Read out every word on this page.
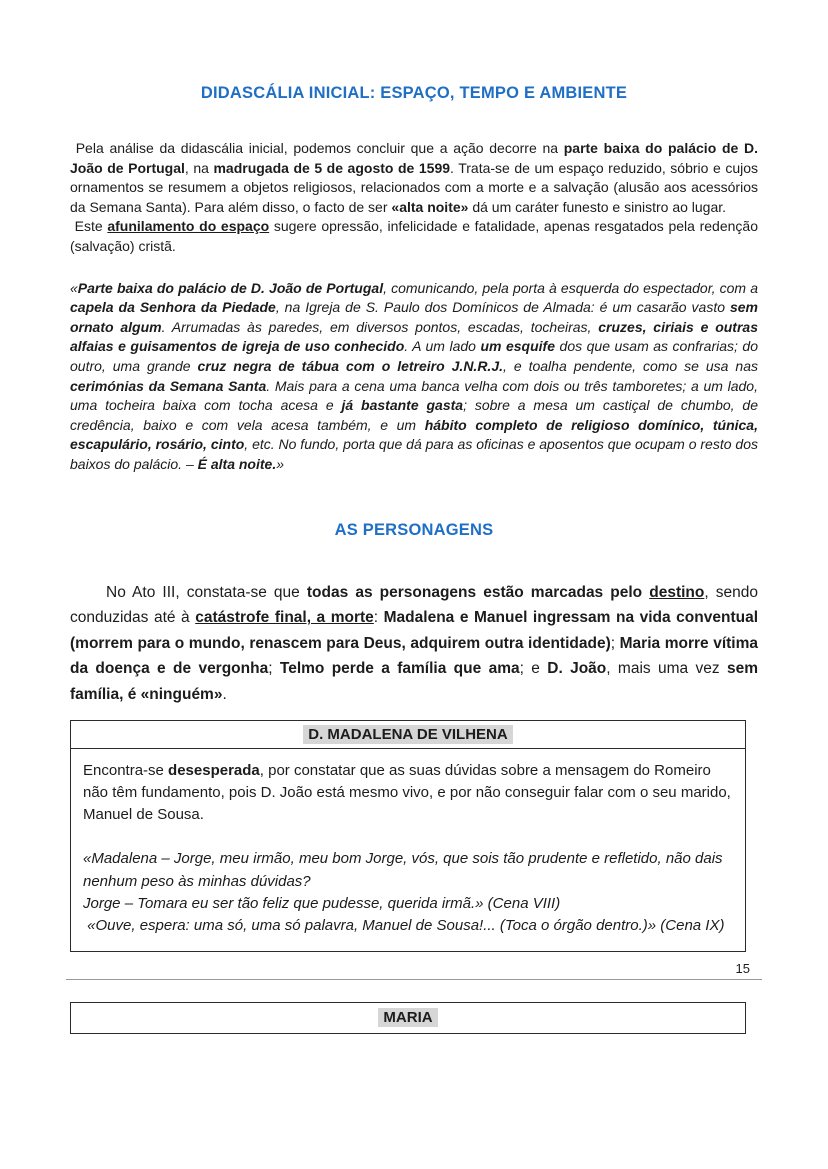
DIDASCÁLIA INICIAL: ESPAÇO, TEMPO E AMBIENTE

Pela análise da didascália inicial, podemos concluir que a ação decorre na parte baixa do palácio de D. João de Portugal, na madrugada de 5 de agosto de 1599. Trata-se de um espaço reduzido, sóbrio e cujos ornamentos se resumem a objetos religiosos, relacionados com a morte e a salvação (alusão aos acessórios da Semana Santa). Para além disso, o facto de ser «alta noite» dá um caráter funesto e sinistro ao lugar.
Este afunilamento do espaço sugere opressão, infelicidade e fatalidade, apenas resgatados pela redenção (salvação) cristã.

«Parte baixa do palácio de D. João de Portugal, comunicando, pela porta à esquerda do espectador, com a capela da Senhora da Piedade, na Igreja de S. Paulo dos Domínicos de Almada: é um casarão vasto sem ornato algum. Arrumadas às paredes, em diversos pontos, escadas, tocheiras, cruzes, ciriais e outras alfaias e guisamentos de igreja de uso conhecido. A um lado um esquife dos que usam as confrarias; do outro, uma grande cruz negra de tábua com o letreiro J.N.R.J., e toalha pendente, como se usa nas cerimónias da Semana Santa. Mais para a cena uma banca velha com dois ou três tamboretes; a um lado, uma tocheira baixa com tocha acesa e já bastante gasta; sobre a mesa um castiçal de chumbo, de credência, baixo e com vela acesa também, e um hábito completo de religioso domínico, túnica, escapulário, rosário, cinto, etc. No fundo, porta que dá para as oficinas e aposentos que ocupam o resto dos baixos do palácio. – É alta noite.»

AS PERSONAGENS

No Ato III, constata-se que todas as personagens estão marcadas pelo destino, sendo conduzidas até à catástrofe final, a morte: Madalena e Manuel ingressam na vida conventual (morrem para o mundo, renascem para Deus, adquirem outra identidade); Maria morre vítima da doença e de vergonha; Telmo perde a família que ama; e D. João, mais uma vez sem família, é «ninguém».

D. MADALENA DE VILHENA

Encontra-se desesperada, por constatar que as suas dúvidas sobre a mensagem do Romeiro não têm fundamento, pois D. João está mesmo vivo, e por não conseguir falar com o seu marido, Manuel de Sousa.

«Madalena – Jorge, meu irmão, meu bom Jorge, vós, que sois tão prudente e refletido, não dais nenhum peso às minhas dúvidas?
Jorge – Tomara eu ser tão feliz que pudesse, querida irmã.» (Cena VIII)
«Ouve, espera: uma só, uma só palavra, Manuel de Sousa!... (Toca o órgão dentro.)» (Cena IX)

15
MARIA
